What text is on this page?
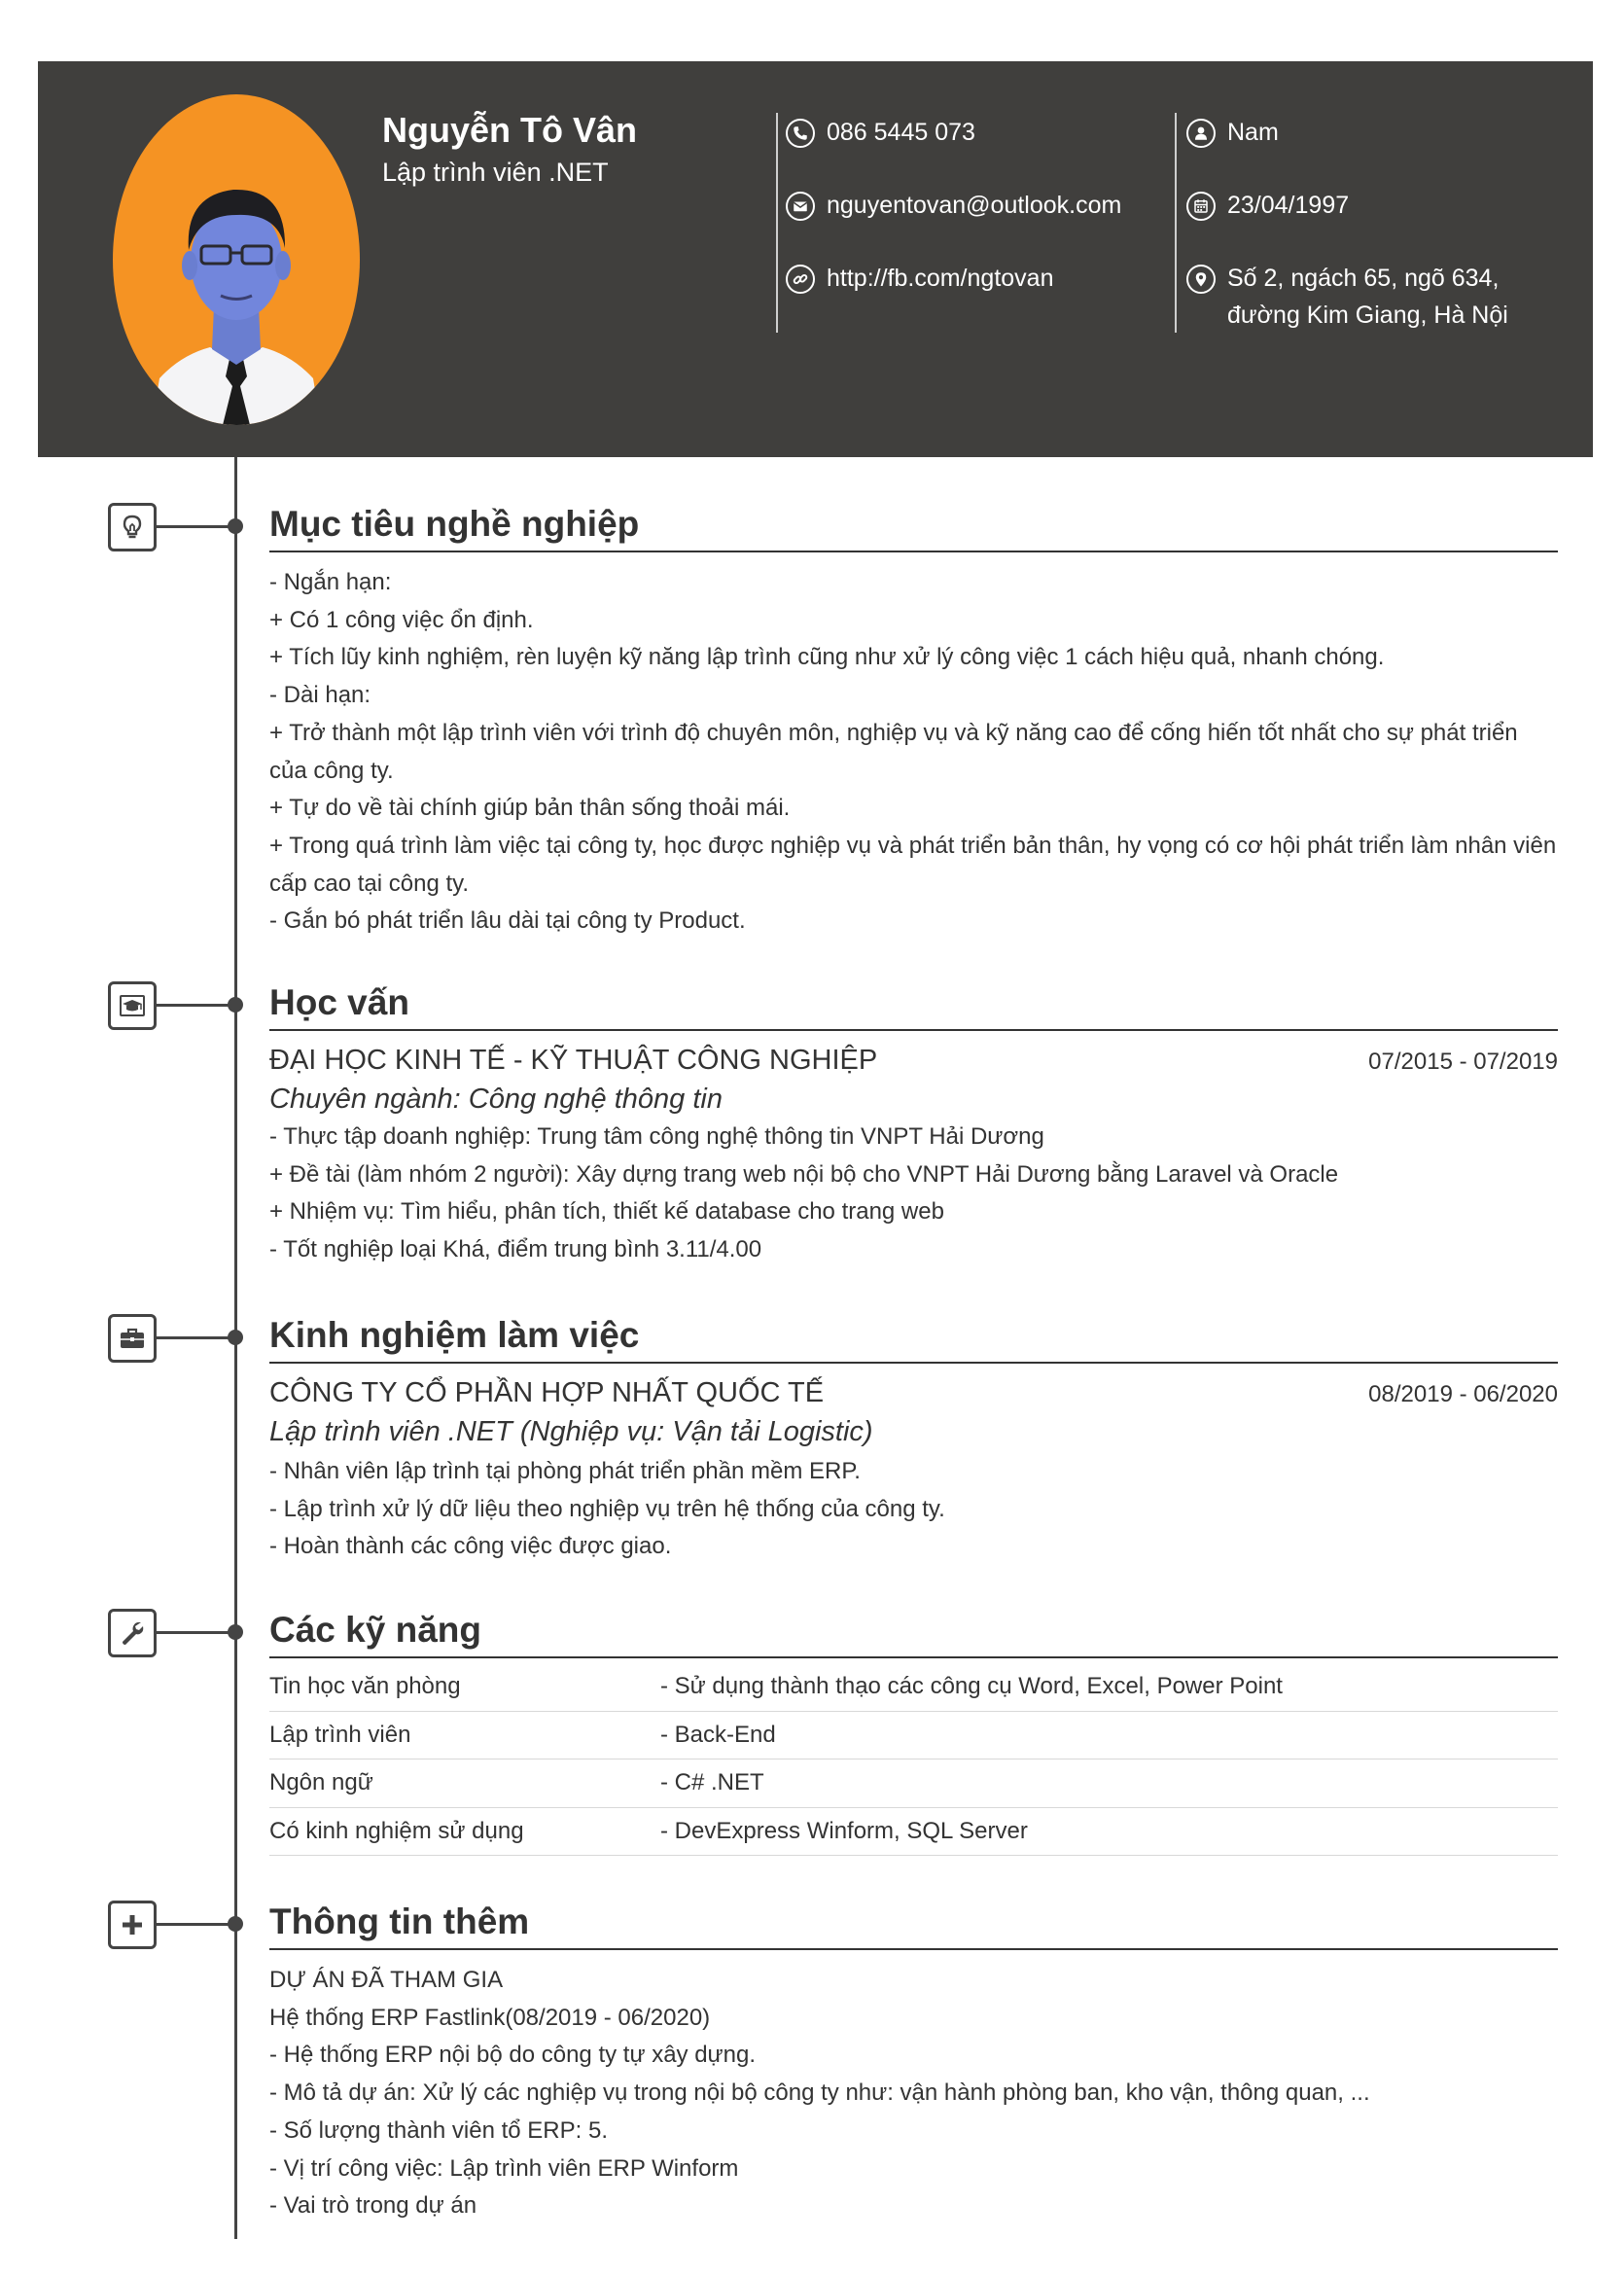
Nguyễn Tô Vân
Lập trình viên .NET
086 5445 073
nguyentovan@outlook.com
http://fb.com/ngtovan
Nam
23/04/1997
Số 2, ngách 65, ngõ 634, đường Kim Giang, Hà Nội
Mục tiêu nghề nghiệp
- Ngắn hạn:
+ Có 1 công việc ổn định.
+ Tích lũy kinh nghiệm, rèn luyện kỹ năng lập trình cũng như xử lý công việc 1 cách hiệu quả, nhanh chóng.
- Dài hạn:
+ Trở thành một lập trình viên với trình độ chuyên môn, nghiệp vụ và kỹ năng cao để cống hiến tốt nhất cho sự phát triển của công ty.
+ Tự do về tài chính giúp bản thân sống thoải mái.
+ Trong quá trình làm việc tại công ty, học được nghiệp vụ và phát triển bản thân, hy vọng có cơ hội phát triển làm nhân viên cấp cao tại công ty.
- Gắn bó phát triển lâu dài tại công ty Product.
Học vấn
ĐẠI HỌC KINH TẾ - KỸ THUẬT CÔNG NGHIỆP	07/2015 - 07/2019
Chuyên ngành: Công nghệ thông tin
- Thực tập doanh nghiệp: Trung tâm công nghệ thông tin VNPT Hải Dương
+ Đề tài (làm nhóm 2 người): Xây dựng trang web nội bộ cho VNPT Hải Dương bằng Laravel và Oracle
+ Nhiệm vụ: Tìm hiểu, phân tích, thiết kế database cho trang web
- Tốt nghiệp loại Khá, điểm trung bình 3.11/4.00
Kinh nghiệm làm việc
CÔNG TY CỔ PHẦN HỢP NHẤT QUỐC TẾ	08/2019 - 06/2020
Lập trình viên .NET (Nghiệp vụ: Vận tải Logistic)
- Nhân viên lập trình tại phòng phát triển phần mềm ERP.
- Lập trình xử lý dữ liệu theo nghiệp vụ trên hệ thống của công ty.
- Hoàn thành các công việc được giao.
Các kỹ năng
Tin học văn phòng	- Sử dụng thành thạo các công cụ Word, Excel, Power Point
Lập trình viên	- Back-End
Ngôn ngữ	- C# .NET
Có kinh nghiệm sử dụng	- DevExpress Winform, SQL Server
Thông tin thêm
DỰ ÁN ĐÃ THAM GIA
Hệ thống ERP Fastlink(08/2019 - 06/2020)
- Hệ thống ERP nội bộ do công ty tự xây dựng.
- Mô tả dự án: Xử lý các nghiệp vụ trong nội bộ công ty như: vận hành phòng ban, kho vận, thông quan, ...
- Số lượng thành viên tổ ERP: 5.
- Vị trí công việc: Lập trình viên ERP Winform
- Vai trò trong dự án
